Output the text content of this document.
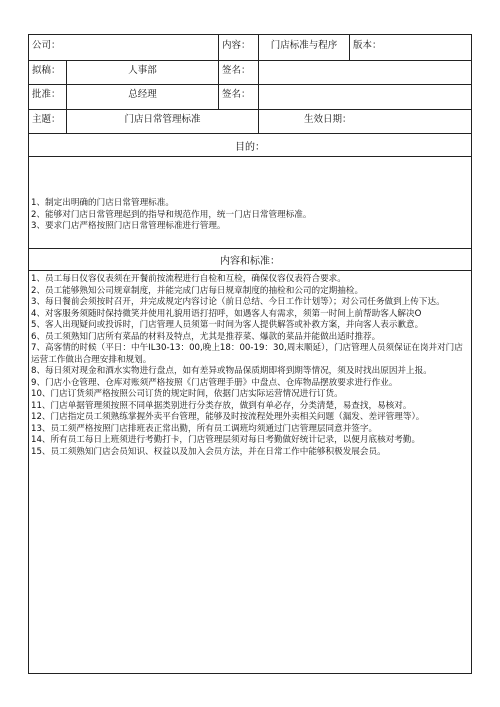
公司：	内容：	门店标准与程序	版本：
拟稿：	人事部	签名：
批准：	总经理	签名：
主题：	门店日常管理标准	生效日期：
目的：
1、制定出明确的门店日常管理标准。
2、能够对门店日常管理起到的指导和规范作用，统一门店日常管理标准。
3、要求门店严格按照门店日常管理标准进行管理。
内容和标准：
1、员工每日仪容仪表须在开餐前按流程进行自检和互检，确保仪容仪表符合要求。
2、员工能够熟知公司规章制度，并能完成门店每日规章制度的抽检和公司的定期抽检。
3、每日餐前会须按时召开，并完成规定内容讨论（前日总结、今日工作计划等）；对公司任务做到上传下达。
4、对客服务须随时保持微笑并使用礼貌用语打招呼，如遇客人有需求，须第一时间上前帮助客人解决O
5、客人出现疑问或投诉时，门店管理人员须第一时间为客人提供解答或补救方案，并向客人表示歉意。
6、员工须熟知门店所有菜品的材料及特点，尤其是推荐菜、爆款的菜品并能做出适时推荐。
7、高客情的时候（平日：中午IL30-13：00,晚上18：00-19：30,周末顺延），门店管理人员须保证在岗并对门店运营工作做出合理安排和规划。
8、每日须对现金和酒水实物进行盘点，如有差异或物品保质期即将到期等情况，须及时找出原因并上报。
9、门店小仓管理、仓库对账须严格按照《门店管理手册》中盘点、仓库物品摆放要求进行作业。
10、门店订货须严格按照公司订货的规定时间，依据门店实际运营情况进行订货。
11、门店单据管理须按照不同单据类别进行分类存放，做到有单必存，分类清楚，易查找，易核对。
12、门店指定员工须熟练掌握外卖平台管理，能够及时按流程处理外卖相关问题（漏发、差评管理等）。
13、员工须严格按照门店排班表正常出勤，所有员工调班均须通过门店管理层同意并签字。
14、所有员工每日上班须进行考勤打卡，门店管理层须对每日考勤做好统计记录，以便月底核对考勤。
15、员工须熟知门店会员知识、权益以及加入会员方法，并在日常工作中能够积极发展会员。
